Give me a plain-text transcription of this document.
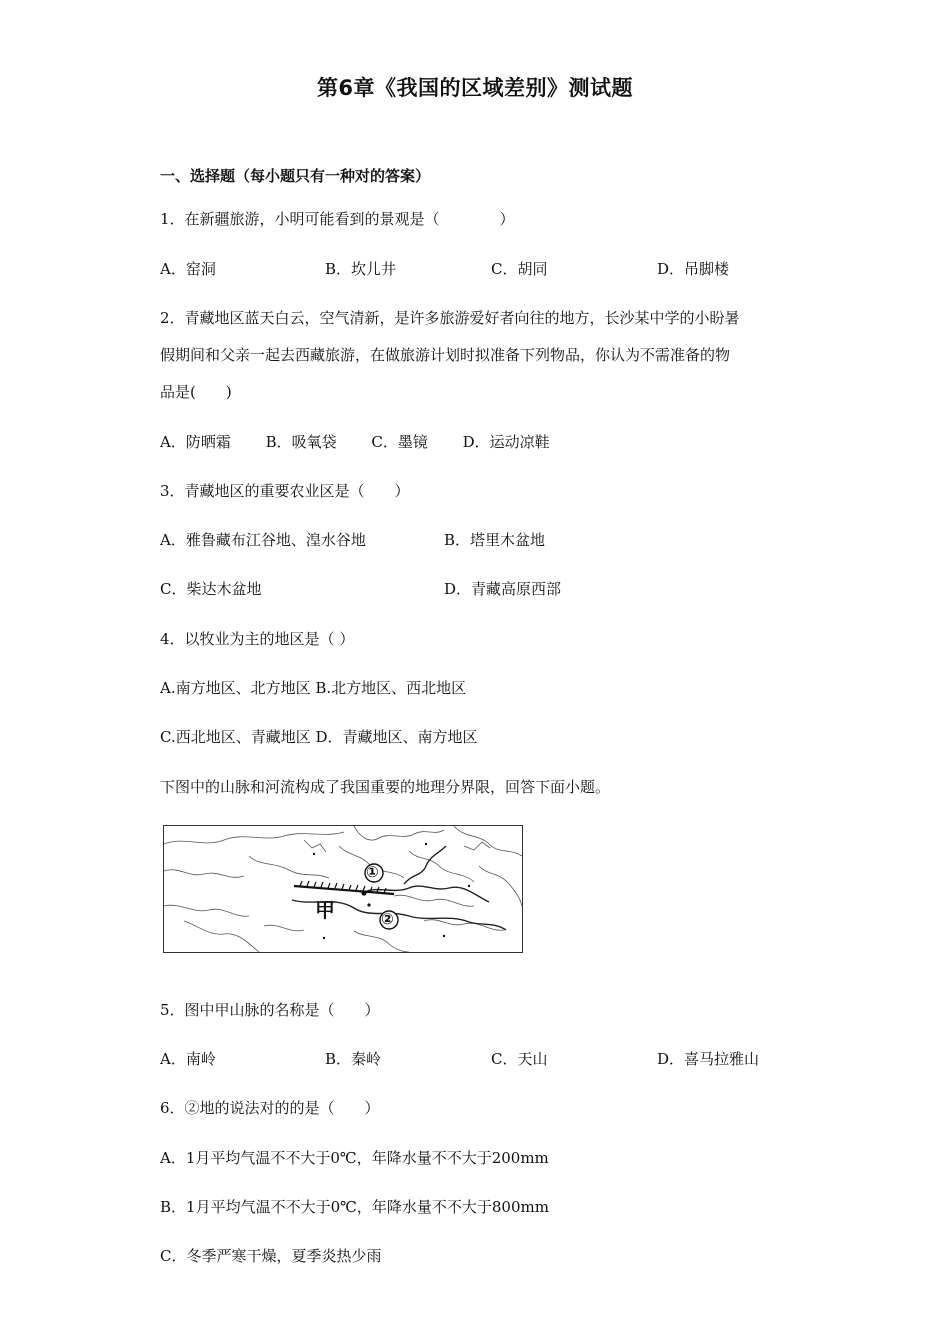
第6章《我国的区域差别》测试题
一、选择题（每小题只有一种对的答案）
1．在新疆旅游，小明可能看到的景观是（　　　　）
A．窑洞	B．坎儿井	C．胡同	D．吊脚楼
2．青藏地区蓝天白云，空气清新，是许多旅游爱好者向往的地方，长沙某中学的小盼暑
假期间和父亲一起去西藏旅游，在做旅游计划时拟准备下列物品，你认为不需准备的物
品是(　　)
A．防晒霜　　 B．吸氧袋　　 C．墨镜　　 D．运动凉鞋
3．青藏地区的重要农业区是（　　）
A．雅鲁藏布江谷地、湟水谷地	B．塔里木盆地
C．柴达木盆地	D．青藏高原西部
4．以牧业为主的地区是（ ）
A.南方地区、北方地区 B.北方地区、西北地区
C.西北地区、青藏地区 D．青藏地区、南方地区
下图中的山脉和河流构成了我国重要的地理分界限，回答下面小题。
甲
①
②
5．图中甲山脉的名称是（　　）
A．南岭	B．秦岭	C．天山	D．喜马拉雅山
6．②地的说法对的的是（　　）
A．1月平均气温不不大于0℃，年降水量不不大于200mm
B．1月平均气温不不大于0℃，年降水量不不大于800mm
C．冬季严寒干燥，夏季炎热少雨
